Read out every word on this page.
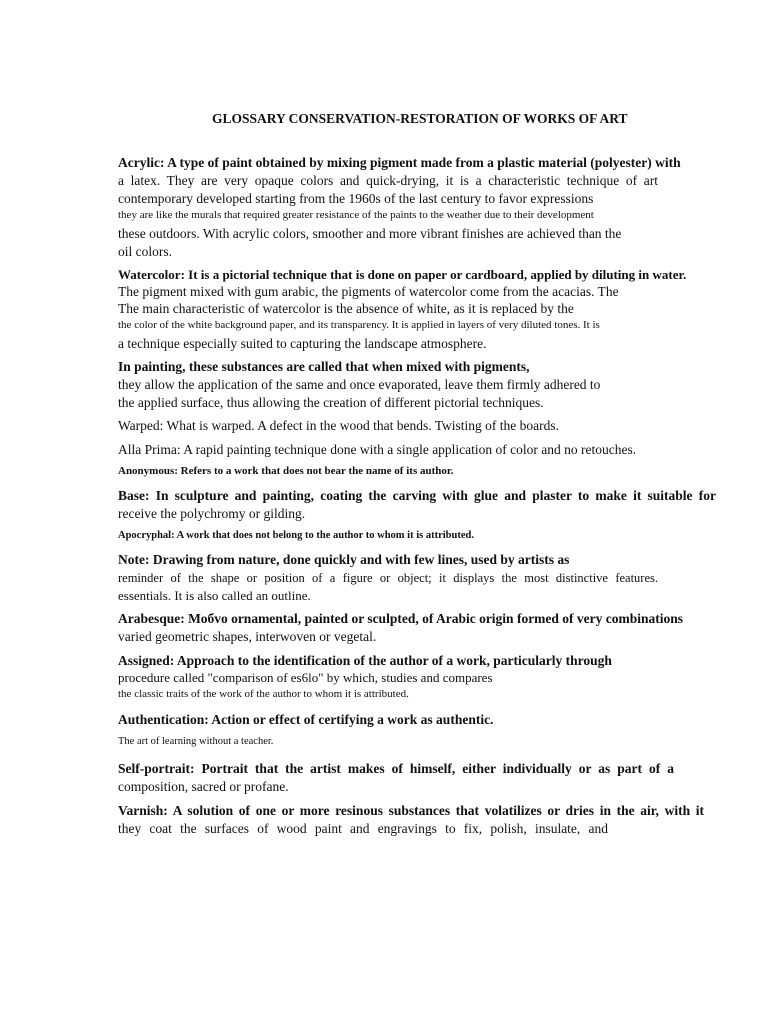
GLOSSARY CONSERVATION-RESTORATION OF WORKS OF ART
Acrylic: A type of paint obtained by mixing pigment made from a plastic material (polyester) with
a latex. They are very opaque colors and quick-drying, it is a characteristic technique of art
contemporary developed starting from the 1960s of the last century to favor expressions
they are like the murals that required greater resistance of the paints to the weather due to their development
these outdoors. With acrylic colors, smoother and more vibrant finishes are achieved than the
oil colors.
Watercolor: It is a pictorial technique that is done on paper or cardboard, applied by diluting in water.
The pigment mixed with gum arabic, the pigments of watercolor come from the acacias. The
The main characteristic of watercolor is the absence of white, as it is replaced by the
the color of the white background paper, and its transparency. It is applied in layers of very diluted tones. It is
a technique especially suited to capturing the landscape atmosphere.
In painting, these substances are called that when mixed with pigments,
they allow the application of the same and once evaporated, leave them firmly adhered to
the applied surface, thus allowing the creation of different pictorial techniques.
Warped: What is warped. A defect in the wood that bends. Twisting of the boards.
Alla Prima: A rapid painting technique done with a single application of color and no retouches.
Anonymous: Refers to a work that does not bear the name of its author.
Base: In sculpture and painting, coating the carving with glue and plaster to make it suitable for
receive the polychromy or gilding.
Apocryphal: A work that does not belong to the author to whom it is attributed.
Note: Drawing from nature, done quickly and with few lines, used by artists as
reminder of the shape or position of a figure or object; it displays the most distinctive features.
essentials. It is also called an outline.
Arabesque: Мобvо ornamental, painted or sculpted, of Arabic origin formed of very combinations
varied geometric shapes, interwoven or vegetal.
Assigned: Approach to the identification of the author of a work, particularly through
procedure called "comparison of es6lo" by which, studies and compares
the classic traits of the work of the author to whom it is attributed.
Authentication: Action or effect of certifying a work as authentic.
The art of learning without a teacher.
Self-portrait: Portrait that the artist makes of himself, either individually or as part of a
composition, sacred or profane.
Varnish: A solution of one or more resinous substances that volatilizes or dries in the air, with it
they coat the surfaces of wood paint and engravings to fix, polish, insulate, and
